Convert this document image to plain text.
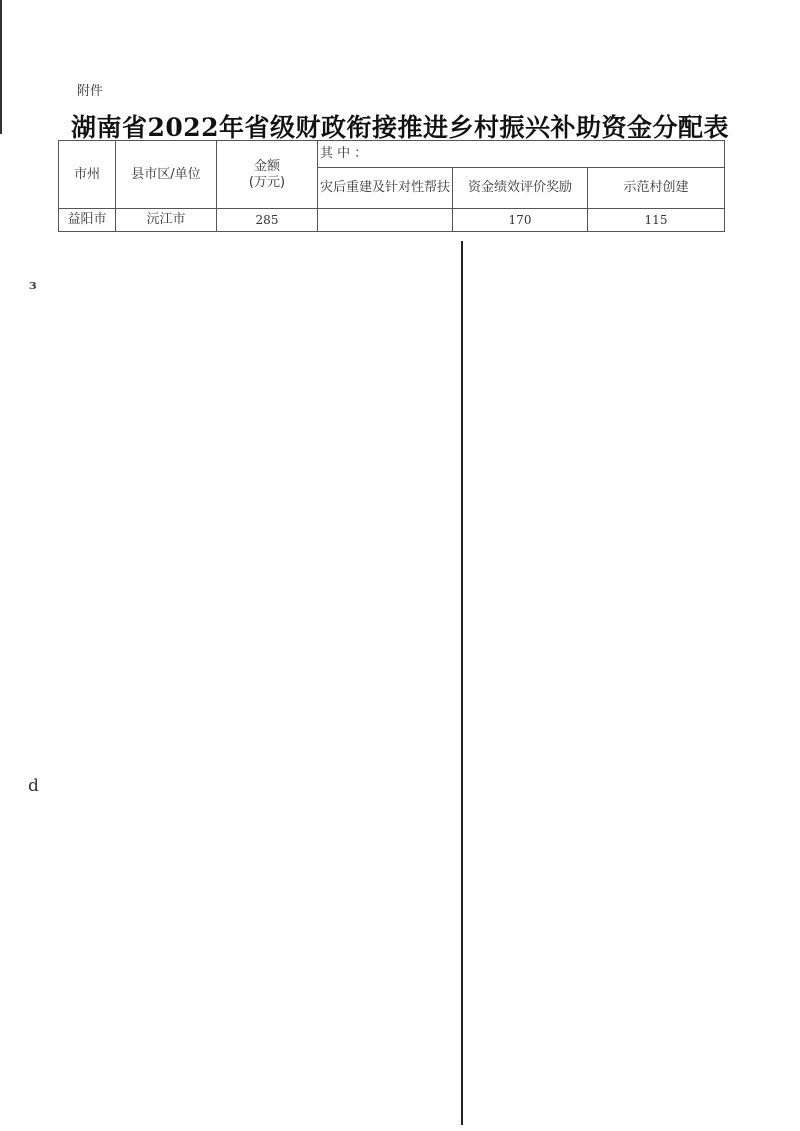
附件
湖南省2022年省级财政衔接推进乡村振兴补助资金分配表
市州	县市区/单位	金额
(万元)	其 中 ：		
			灾后重建及针对性帮扶	资金绩效评价奖励	示范村创建
益阳市	沅江市	285		170	115
ɜ
d
